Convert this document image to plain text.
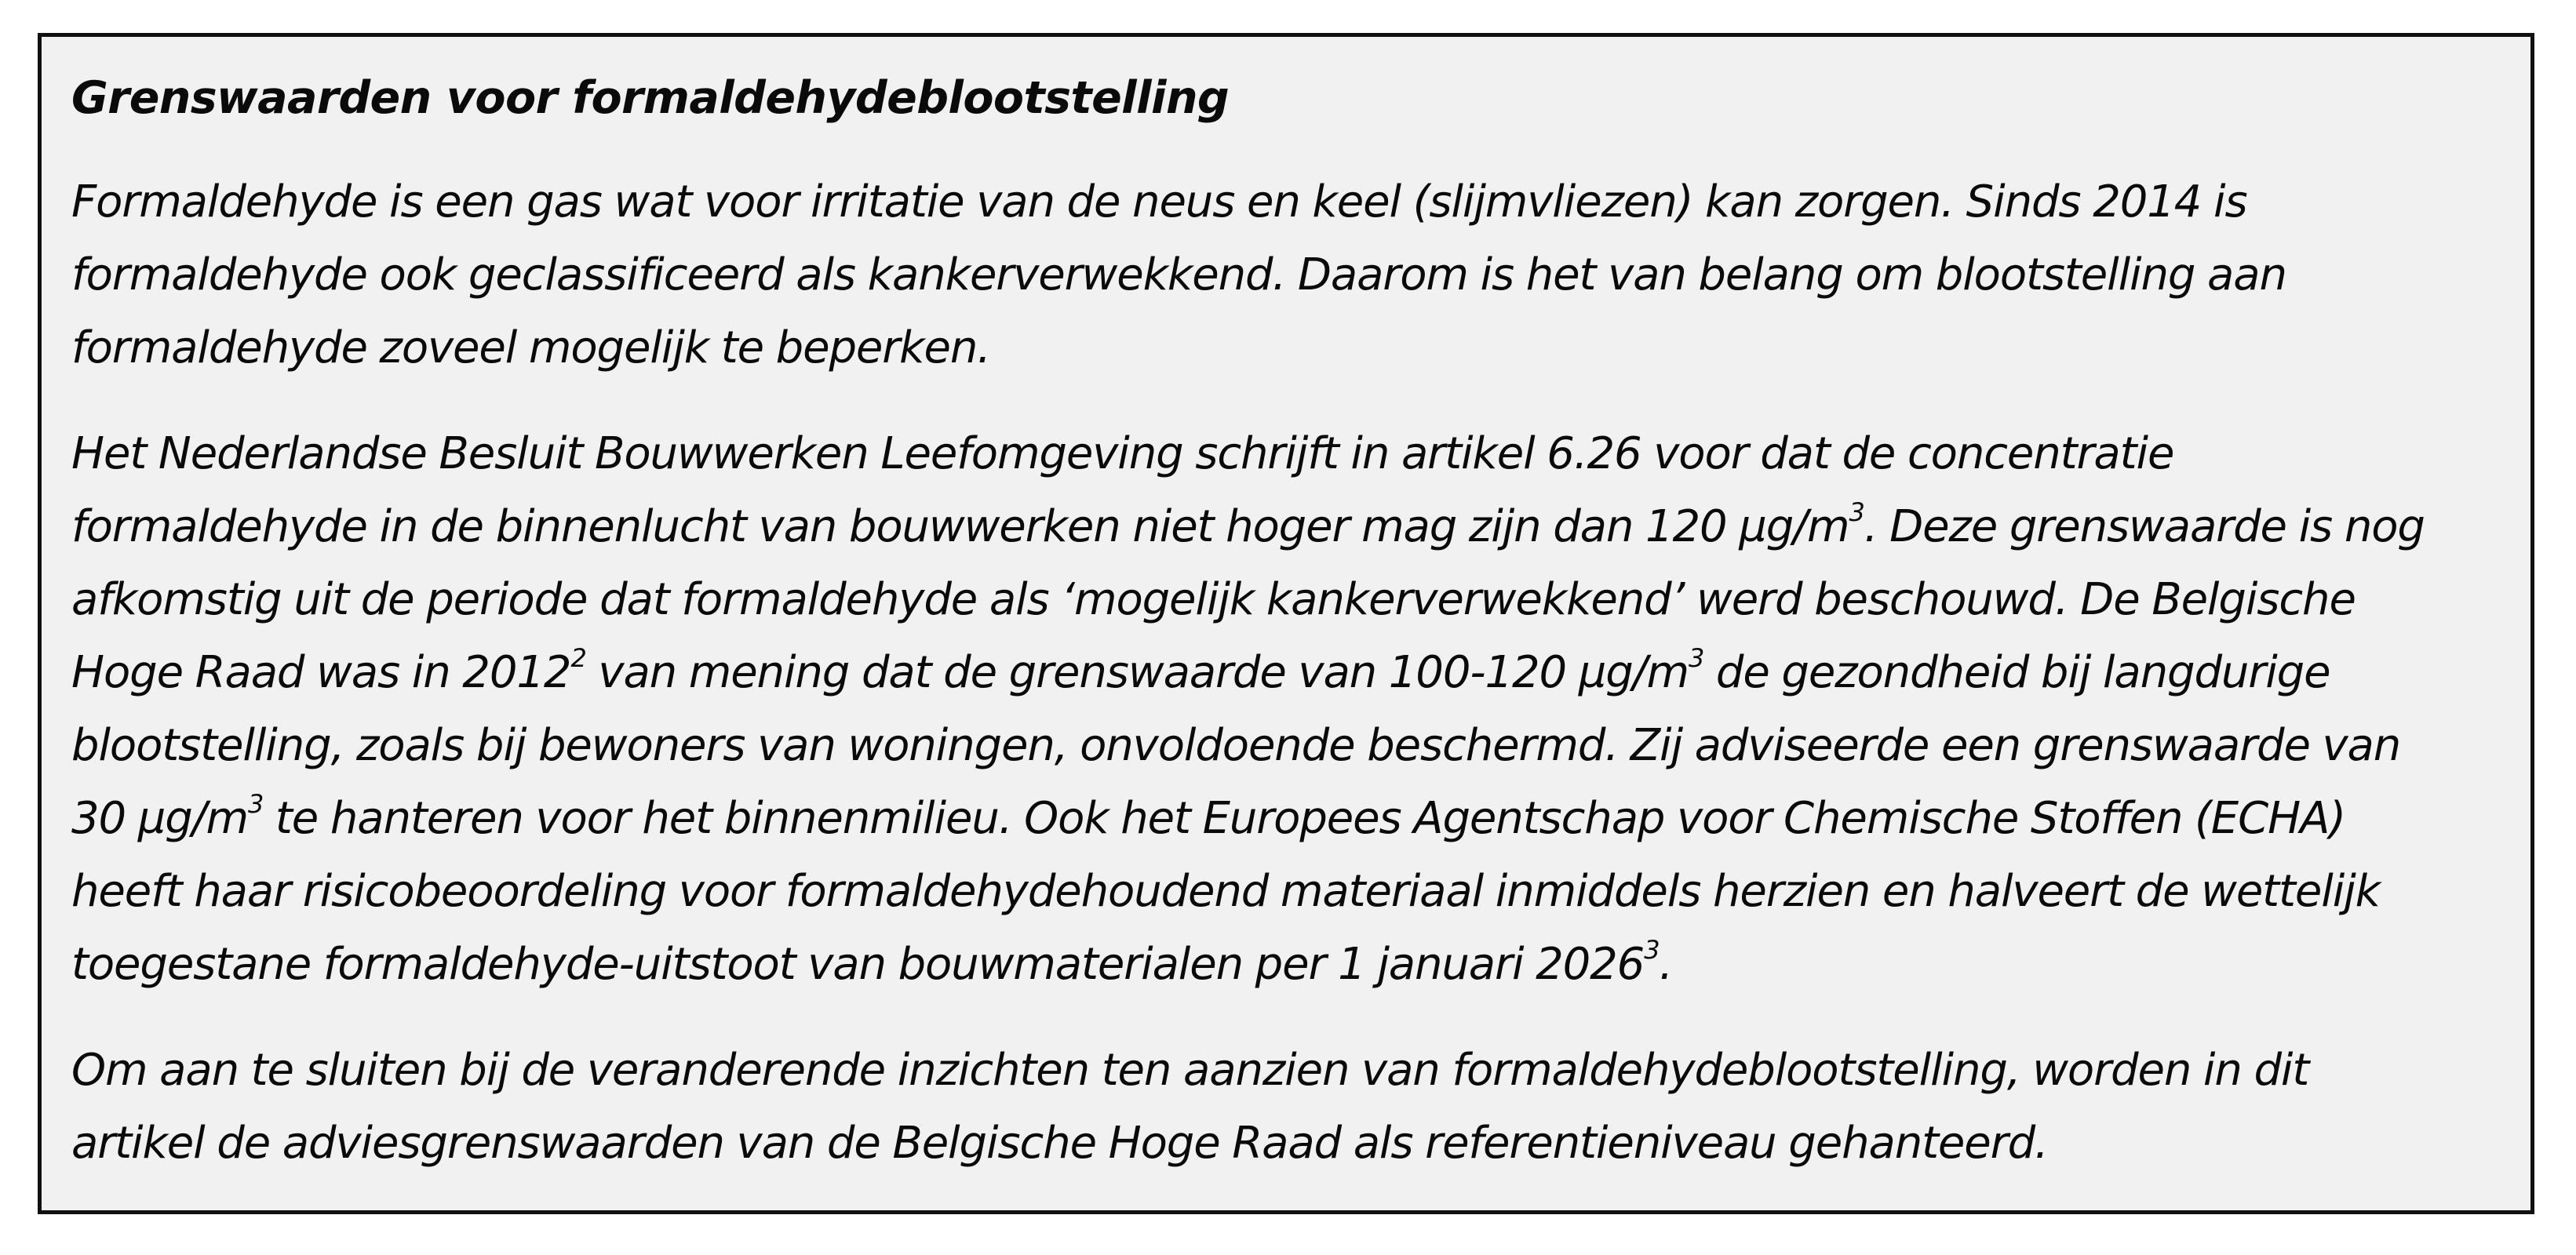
Grenswaarden voor formaldehydeblootstelling

Formaldehyde is een gas wat voor irritatie van de neus en keel (slijmvliezen) kan zorgen. Sinds 2014 is
formaldehyde ook geclassificeerd als kankerverwekkend. Daarom is het van belang om blootstelling aan
formaldehyde zoveel mogelijk te beperken.

Het Nederlandse Besluit Bouwwerken Leefomgeving schrijft in artikel 6.26 voor dat de concentratie
formaldehyde in de binnenlucht van bouwwerken niet hoger mag zijn dan 120 $\mu g/m^3$. Deze grenswaarde is nog
afkomstig uit de periode dat formaldehyde als ‘mogelijk kankerverwekkend’ werd beschouwd. De Belgische
Hoge Raad was in 2012$^2$ van mening dat de grenswaarde van 100-120 $\mu g/m^3$ de gezondheid bij langdurige
blootstelling, zoals bij bewoners van woningen, onvoldoende beschermd. Zij adviseerde een grenswaarde van
30 $\mu g/m^3$ te hanteren voor het binnenmilieu. Ook het Europees Agentschap voor Chemische Stoffen (ECHA)
heeft haar risicobeoordeling voor formaldehydehoudend materiaal inmiddels herzien en halveert de wettelijk
toegestane formaldehyde-uitstoot van bouwmaterialen per 1 januari 2026$^3$.

Om aan te sluiten bij de veranderende inzichten ten aanzien van formaldehydeblootstelling, worden in dit
artikel de adviesgrenswaarden van de Belgische Hoge Raad als referentieniveau gehanteerd.
